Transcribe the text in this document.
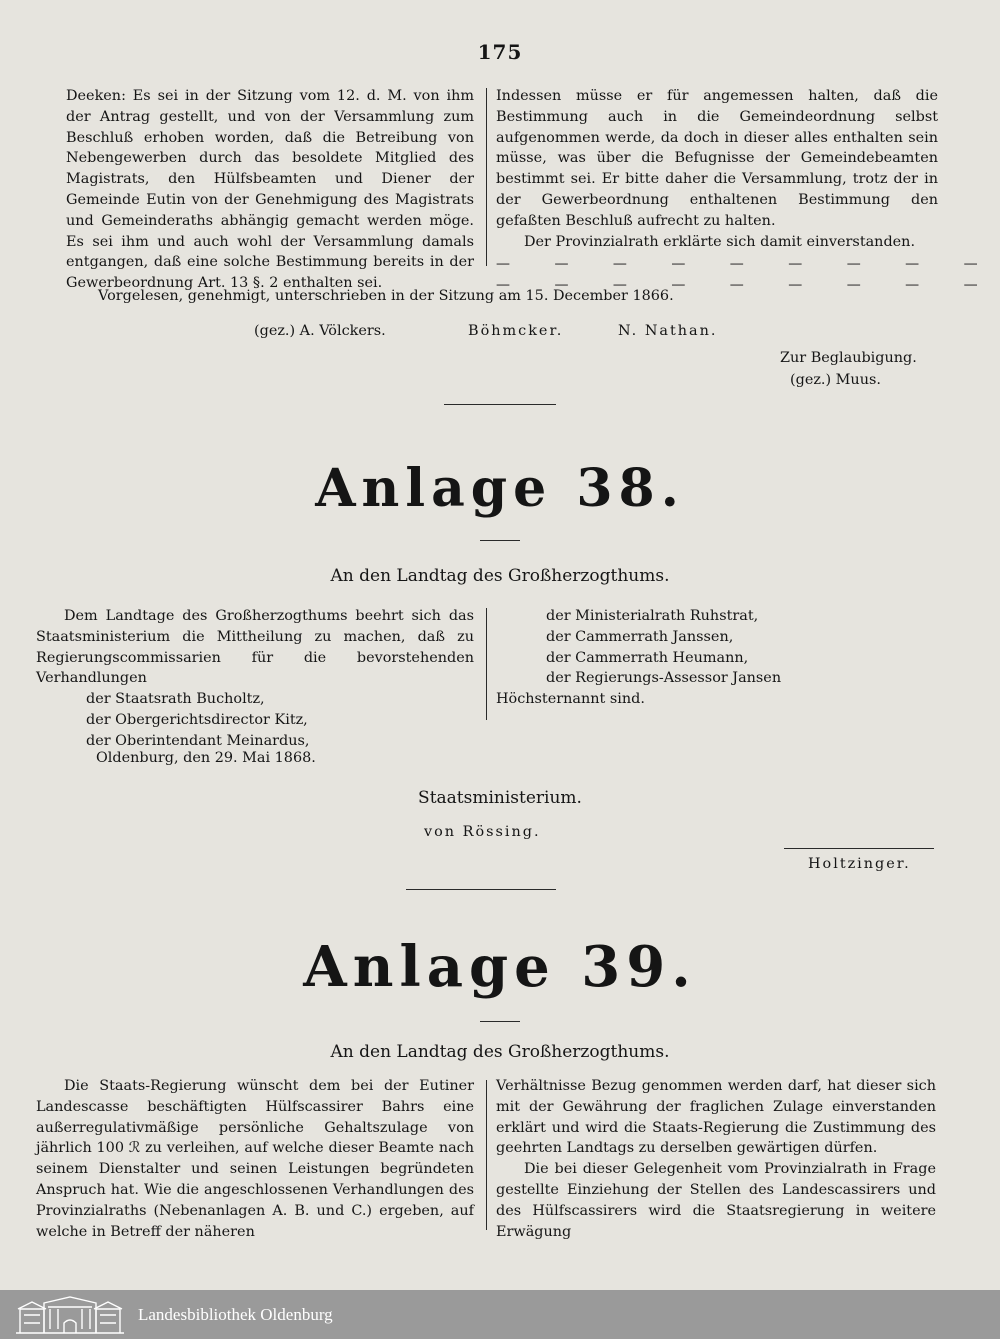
175

Deeken: Es sei in der Sitzung vom 12. d. M. von ihm der Antrag gestellt, und von der Versammlung zum Beschluß erhoben worden, daß die Betreibung von Nebengewerben durch das besoldete Mitglied des Magistrats, den Hülfsbeamten und Diener der Gemeinde Eutin von der Genehmigung des Magistrats und Gemeinderaths abhängig gemacht werden möge. Es sei ihm und auch wohl der Versammlung damals entgangen, daß eine solche Bestimmung bereits in der Gewerbeordnung Art. 13 §. 2 enthalten sei.

Indessen müsse er für angemessen halten, daß die Bestimmung auch in die Gemeindeordnung selbst aufgenommen werde, da doch in dieser alles enthalten sein müsse, was über die Befugnisse der Gemeindebeamten bestimmt sei. Er bitte daher die Versammlung, trotz der in der Gewerbeordnung enthaltenen Bestimmung den gefaßten Beschluß aufrecht zu halten.

Der Provinzialrath erklärte sich damit einverstanden.

— — — — — — — — —
— — — — — — — — —
Vorgelesen, genehmigt, unterschrieben in der Sitzung am 15. December 1866.
(gez.) A. Völckers.	Böhmcker.	N. Nathan.
Zur Beglaubigung.
(gez.) Muus.
Anlage 38.
An den Landtag des Großherzogthums.

Dem Landtage des Großherzogthums beehrt sich das Staatsministerium die Mittheilung zu machen, daß zu Regierungscommissarien für die bevorstehenden Verhandlungen

der Staatsrath Bucholtz,
der Obergerichtsdirector Kitz,
der Oberintendant Meinardus,
der Ministerialrath Ruhstrat,
der Cammerrath Janssen,
der Cammerrath Heumann,
der Regierungs-Assessor Jansen
Höchsternannt sind.
Oldenburg, den 29. Mai 1868.
Staatsministerium.
von Rössing.
Holtzinger.
Anlage 39.
An den Landtag des Großherzogthums.

Die Staats-Regierung wünscht dem bei der Eutiner Landescasse beschäftigten Hülfscassirer Bahrs eine außerregulativmäßige persönliche Gehaltszulage von jährlich 100 ℛ zu verleihen, auf welche dieser Beamte nach seinem Dienstalter und seinen Leistungen begründeten Anspruch hat. Wie die angeschlossenen Verhandlungen des Provinzialraths (Nebenanlagen A. B. und C.) ergeben, auf welche in Betreff der näheren

Verhältnisse Bezug genommen werden darf, hat dieser sich mit der Gewährung der fraglichen Zulage einverstanden erklärt und wird die Staats-Regierung die Zustimmung des geehrten Landtags zu derselben gewärtigen dürfen.

Die bei dieser Gelegenheit vom Provinzialrath in Frage gestellte Einziehung der Stellen des Landescassirers und des Hülfscassirers wird die Staatsregierung in weitere Erwägung

Landesbibliothek Oldenburg
